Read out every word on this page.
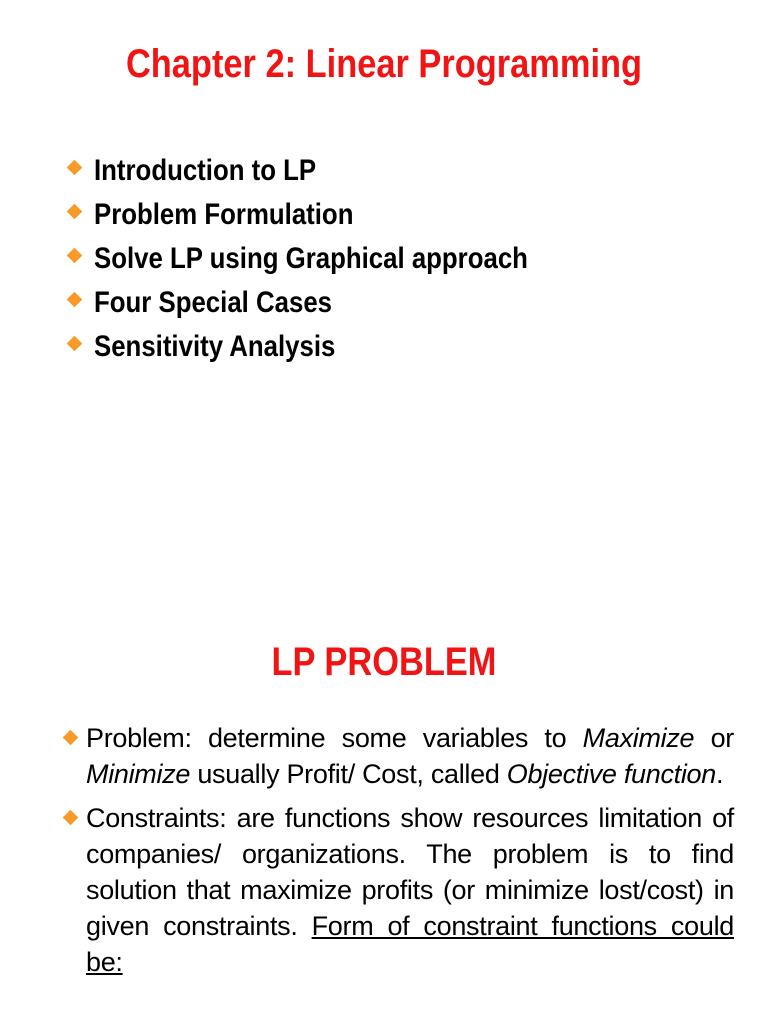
Chapter 2: Linear Programming
Introduction to LP
Problem Formulation
Solve LP using Graphical approach
Four Special Cases
Sensitivity Analysis
LP PROBLEM
Problem: determine some variables to Maximize or Minimize usually Profit/ Cost, called Objective function.
Constraints: are functions show resources limitation of companies/ organizations. The problem is to find solution that maximize profits (or minimize lost/cost) in given constraints. Form of constraint functions could be:
